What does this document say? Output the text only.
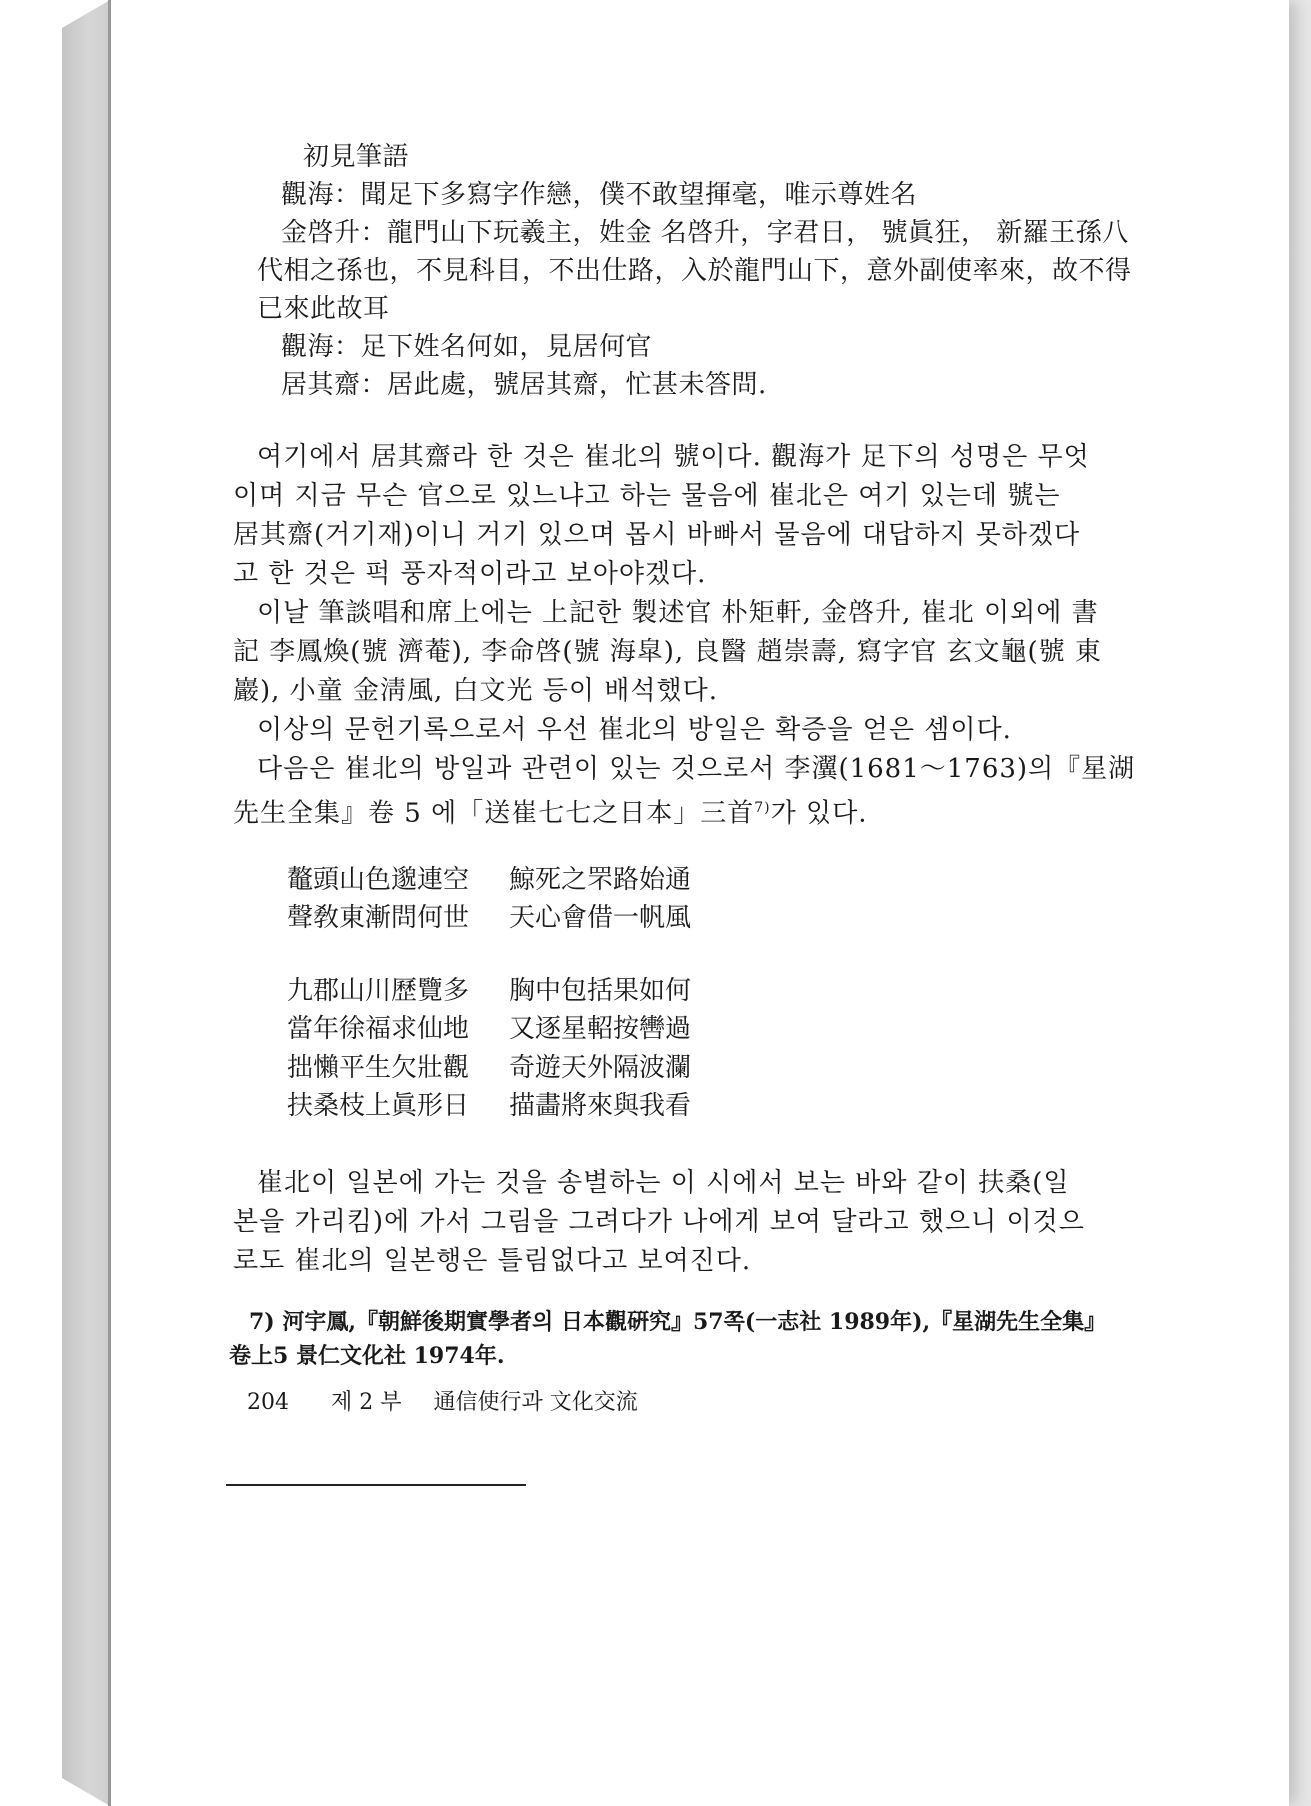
初見筆語
觀海：聞足下多寫字作戀，僕不敢望揮毫，唯示尊姓名
金啓升：龍門山下玩羲主，姓金 名啓升，字君日， 號眞狂， 新羅王孫八
代相之孫也，不見科目，不出仕路，入於龍門山下，意外副使率來，故不得
已來此故耳
觀海：足下姓名何如，見居何官
居其齋：居此處，號居其齋，忙甚未答問.
여기에서 居其齋라 한 것은 崔北의 號이다. 觀海가 足下의 성명은 무엇
이며 지금 무슨 官으로 있느냐고 하는 물음에 崔北은 여기 있는데 號는
居其齋(거기재)이니 거기 있으며 몹시 바빠서 물음에 대답하지 못하겠다
고 한 것은 퍽 풍자적이라고 보아야겠다.
이날 筆談唱和席上에는 上記한 製述官 朴矩軒, 金啓升, 崔北 이외에 書
記 李鳳煥(號 濟菴), 李命啓(號 海皐), 良醫 趙崇壽, 寫字官 玄文龜(號 東
巖), 小童 金淸風, 白文光 등이 배석했다.
이상의 문헌기록으로서 우선 崔北의 방일은 확증을 얻은 셈이다.
다음은 崔北의 방일과 관련이 있는 것으로서 李瀷(1681～1763)의『星湖
先生全集』卷 5 에「送崔七七之日本」三首$^{7)}$가 있다.
鼇頭山色邈連空 鯨死之罘路始通
聲敎東漸問何世 天心會借一帆風
九郡山川歷覽多 胸中包括果如何
當年徐福求仙地 又逐星軺按轡過
拙懶平生欠壯觀 奇遊天外隔波瀾
扶桑枝上眞形日 描畵將來與我看
崔北이 일본에 가는 것을 송별하는 이 시에서 보는 바와 같이 扶桑(일
본을 가리킴)에 가서 그림을 그려다가 나에게 보여 달라고 했으니 이것으
로도 崔北의 일본행은 틀림없다고 보여진다.
7) 河宇鳳,『朝鮮後期實學者의 日本觀硏究』57쪽(一志社 1989年),『星湖先生全集』
卷上5 景仁文化社 1974年.
204 제 2 부 通信使行과 文化交流
